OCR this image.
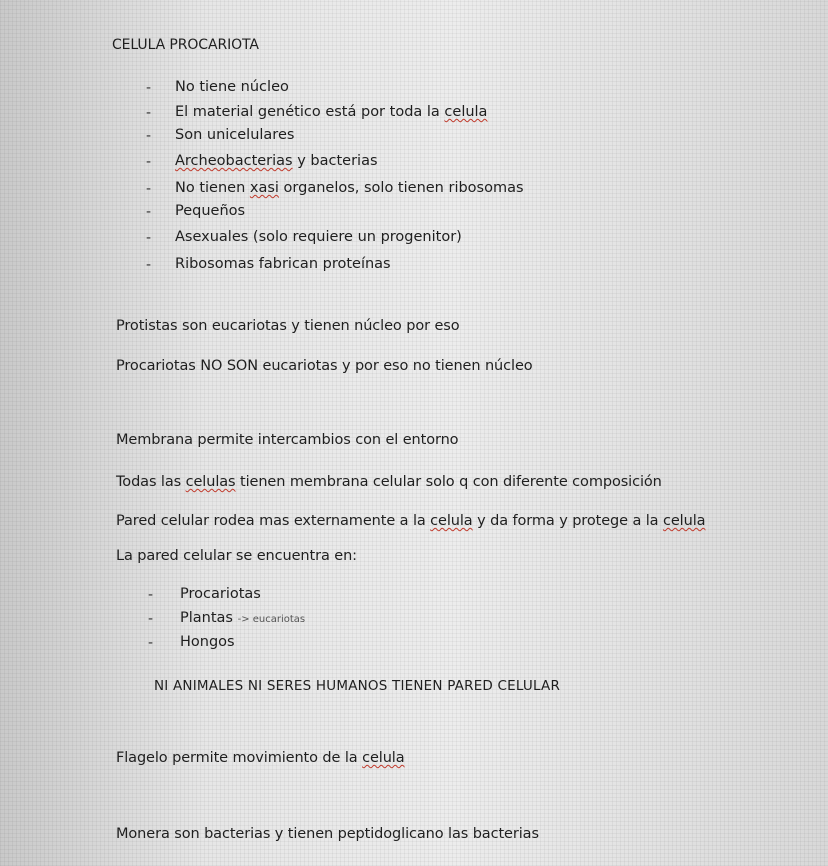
CELULA PROCARIOTA
- No tiene núcleo
- El material genético está por toda la celula
- Son unicelulares
- Archeobacterias y bacterias
- No tienen xasi organelos, solo tienen ribosomas
- Pequeños
- Asexuales (solo requiere un progenitor)
- Ribosomas fabrican proteínas
Protistas son eucariotas y tienen núcleo por eso
Procariotas NO SON eucariotas y por eso no tienen núcleo
Membrana permite intercambios con el entorno
Todas las celulas tienen membrana celular solo q con diferente composición
Pared celular rodea mas externamente a la celula y da forma y protege a la celula
La pared celular se encuentra en:
- Procariotas
- Plantas -> eucariotas
- Hongos
NI ANIMALES NI SERES HUMANOS TIENEN PARED CELULAR
Flagelo permite movimiento de la celula
Monera son bacterias y tienen peptidoglicano las bacterias
